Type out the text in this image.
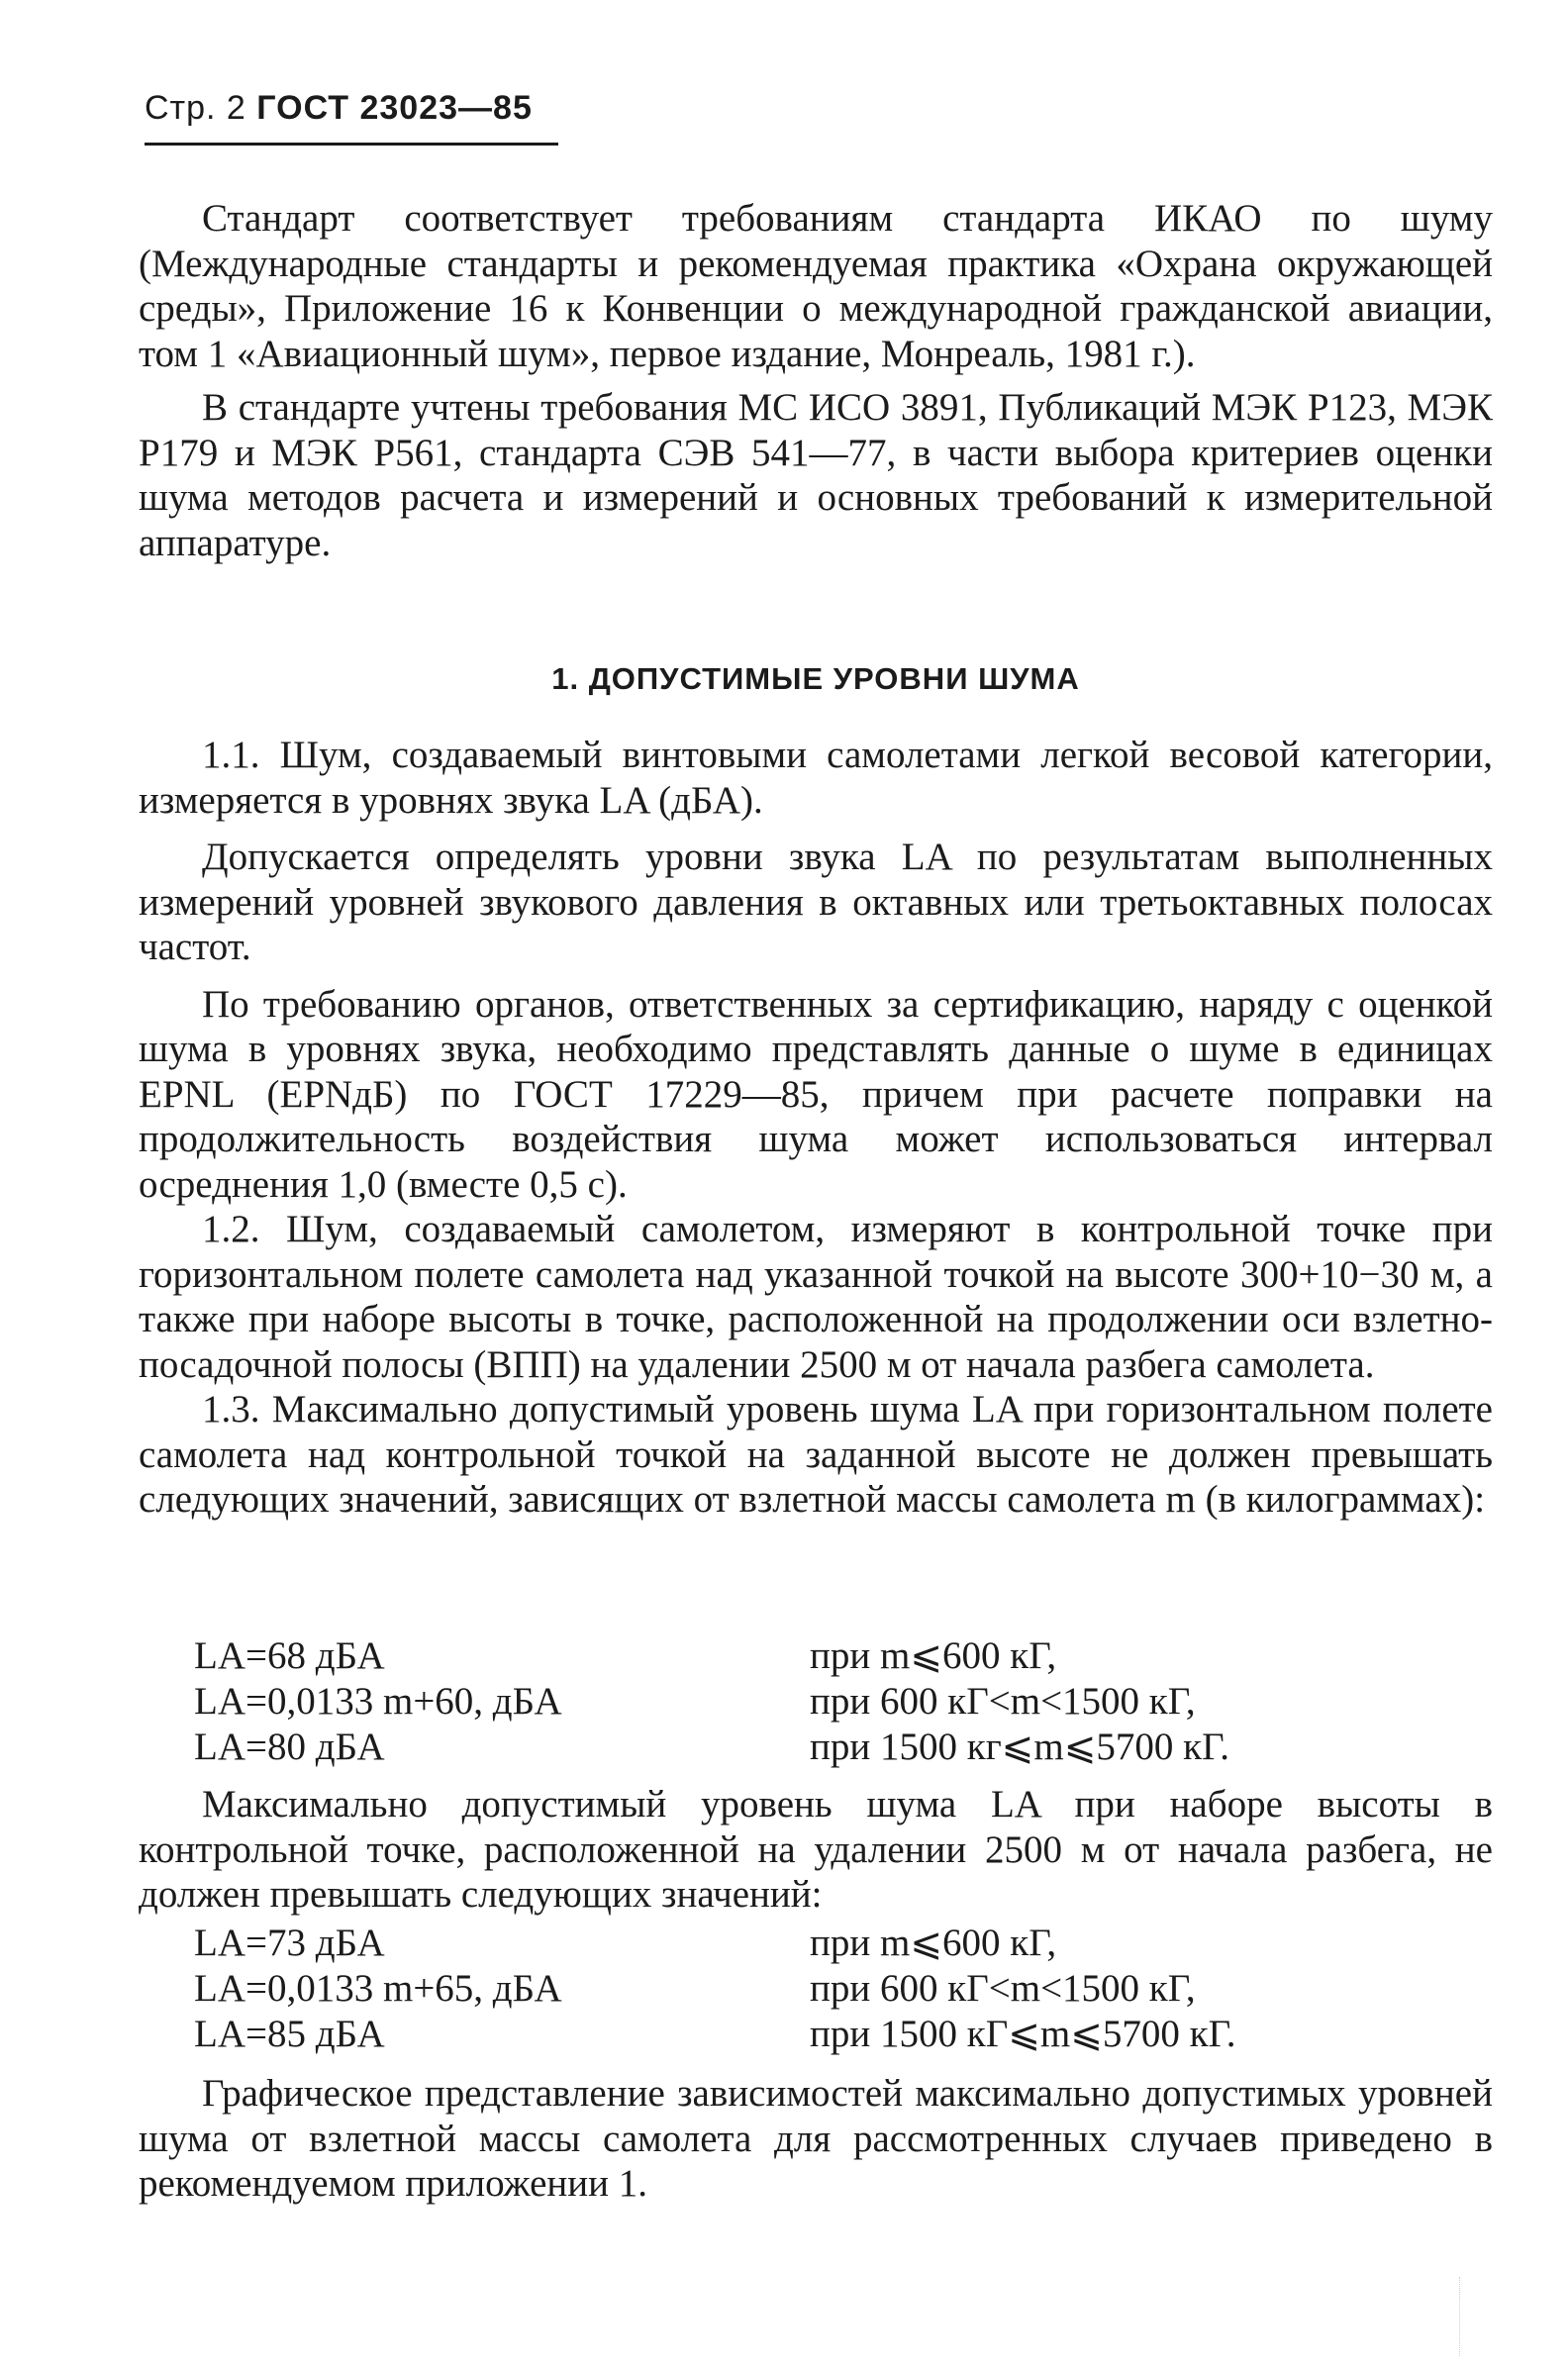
Стр. 2 ГОСТ 23023—85

Стандарт соответствует требованиям стандарта ИКАО по шуму (Международные стандарты и рекомендуемая практика «Охрана окружающей среды», Приложение 16 к Конвенции о международной гражданской авиации, том 1 «Авиационный шум», первое издание, Монреаль, 1981 г.).

В стандарте учтены требования МС ИСО 3891, Публикаций МЭК Р123, МЭК Р179 и МЭК Р561, стандарта СЭВ 541—77, в части выбора критериев оценки шума методов расчета и измерений и основных требований к измерительной аппаратуре.

1. ДОПУСТИМЫЕ УРОВНИ ШУМА

1.1. Шум, создаваемый винтовыми самолетами легкой весовой категории, измеряется в уровнях звука LA (дБА).

Допускается определять уровни звука LA по результатам выполненных измерений уровней звукового давления в октавных или третьоктавных полосах частот.

По требованию органов, ответственных за сертификацию, наряду с оценкой шума в уровнях звука, необходимо представлять данные о шуме в единицах EPNL (EPNдБ) по ГОСТ 17229—85, причем при расчете поправки на продолжительность воздействия шума может использоваться интервал осреднения 1,0 (вместе 0,5 с).

1.2. Шум, создаваемый самолетом, измеряют в контрольной точке при горизонтальном полете самолета над указанной точкой на высоте 300+10−30 м, а также при наборе высоты в точке, расположенной на продолжении оси взлетно-посадочной полосы (ВПП) на удалении 2500 м от начала разбега самолета.

1.3. Максимально допустимый уровень шума LA при горизонтальном полете самолета над контрольной точкой на заданной высоте не должен превышать следующих значений, зависящих от взлетной массы самолета m (в килограммах):

LA=68 дБА	при m⩽600 кГ,
LA=0,0133 m+60, дБА	при 600 кГ<m<1500 кГ,
LA=80 дБА	при 1500 кг⩽m⩽5700 кГ.

Максимально допустимый уровень шума LA при наборе высоты в контрольной точке, расположенной на удалении 2500 м от начала разбега, не должен превышать следующих значений:

LA=73 дБА	при m⩽600 кГ,
LA=0,0133 m+65, дБА	при 600 кГ<m<1500 кГ,
LA=85 дБА	при 1500 кГ⩽m⩽5700 кГ.

Графическое представление зависимостей максимально допустимых уровней шума от взлетной массы самолета для рассмотренных случаев приведено в рекомендуемом приложении 1.
